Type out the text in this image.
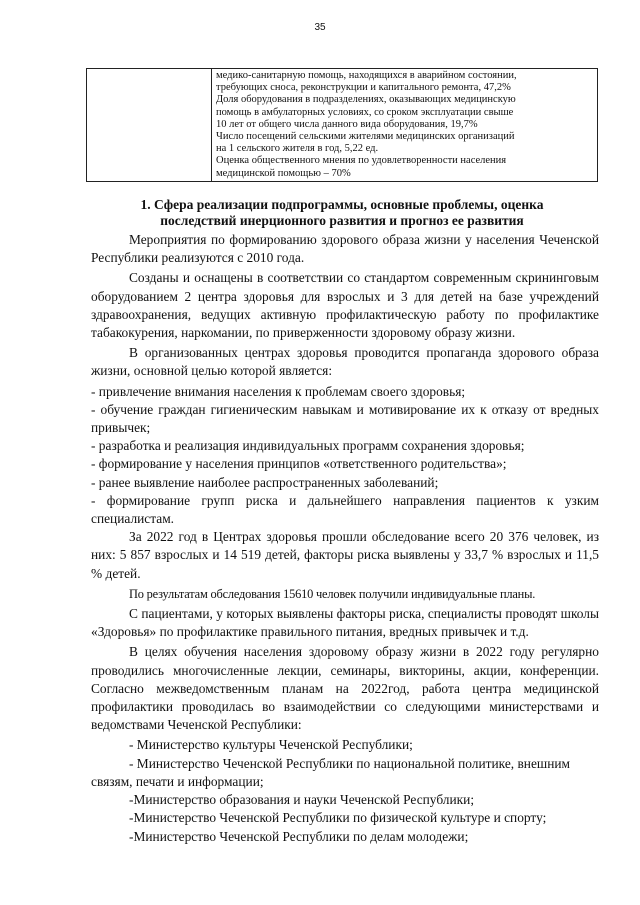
35

медико-санитарную помощь, находящихся в аварийном состоянии,
требующих сноса, реконструкции и капитального ремонта, 47,2%
Доля оборудования в подразделениях, оказывающих медицинскую
помощь в амбулаторных условиях, со сроком эксплуатации свыше
10 лет от общего числа данного вида оборудования, 19,7%
Число посещений сельскими жителями медицинских организаций
на 1 сельского жителя в год, 5,22 ед.
Оценка общественного мнения по удовлетворенности населения
медицинской помощью – 70%
1. Сфера реализации подпрограммы, основные проблемы, оценка
последствий инерционного развития и прогноз ее развития

Мероприятия по формированию здорового образа жизни у населения Чеченской Республики реализуются с 2010 года.

Созданы и оснащены в соответствии со стандартом современным скрининговым оборудованием 2 центра здоровья для взрослых и 3 для детей на базе учреждений здравоохранения, ведущих активную профилактическую работу по профилактике табакокурения, наркомании, по приверженности здоровому образу жизни.

В организованных центрах здоровья проводится пропаганда здорового образа жизни, основной целью которой является:

- привлечение внимания населения к проблемам своего здоровья;

- обучение граждан гигиеническим навыкам и мотивирование их к отказу от вредных привычек;

- разработка и реализация индивидуальных программ сохранения здоровья;

- формирование у населения принципов «ответственного родительства»;

- ранее выявление наиболее распространенных заболеваний;

- формирование групп риска и дальнейшего направления пациентов к узким специалистам.

За 2022 год в Центрах здоровья прошли обследование всего 20 376 человек, из них: 5 857 взрослых и 14 519 детей, факторы риска выявлены у 33,7 % взрослых и 11,5 % детей.

По результатам обследования 15610 человек получили индивидуальные планы.

С пациентами, у которых выявлены факторы риска, специалисты проводят школы «Здоровья» по профилактике правильного питания, вредных привычек и т.д.

В целях обучения населения здоровому образу жизни в 2022 году регулярно проводились многочисленные лекции, семинары, викторины, акции, конференции. Согласно межведомственным планам на 2022год, работа центра медицинской профилактики проводилась во взаимодействии со следующими министерствами и ведомствами Чеченской Республики:

- Министерство культуры Чеченской Республики;

- Министерство Чеченской Республики по национальной политике, внешним связям, печати и информации;

-Министерство образования и науки Чеченской Республики;

-Министерство Чеченской Республики по физической культуре и спорту;

-Министерство Чеченской Республики по делам молодежи;
